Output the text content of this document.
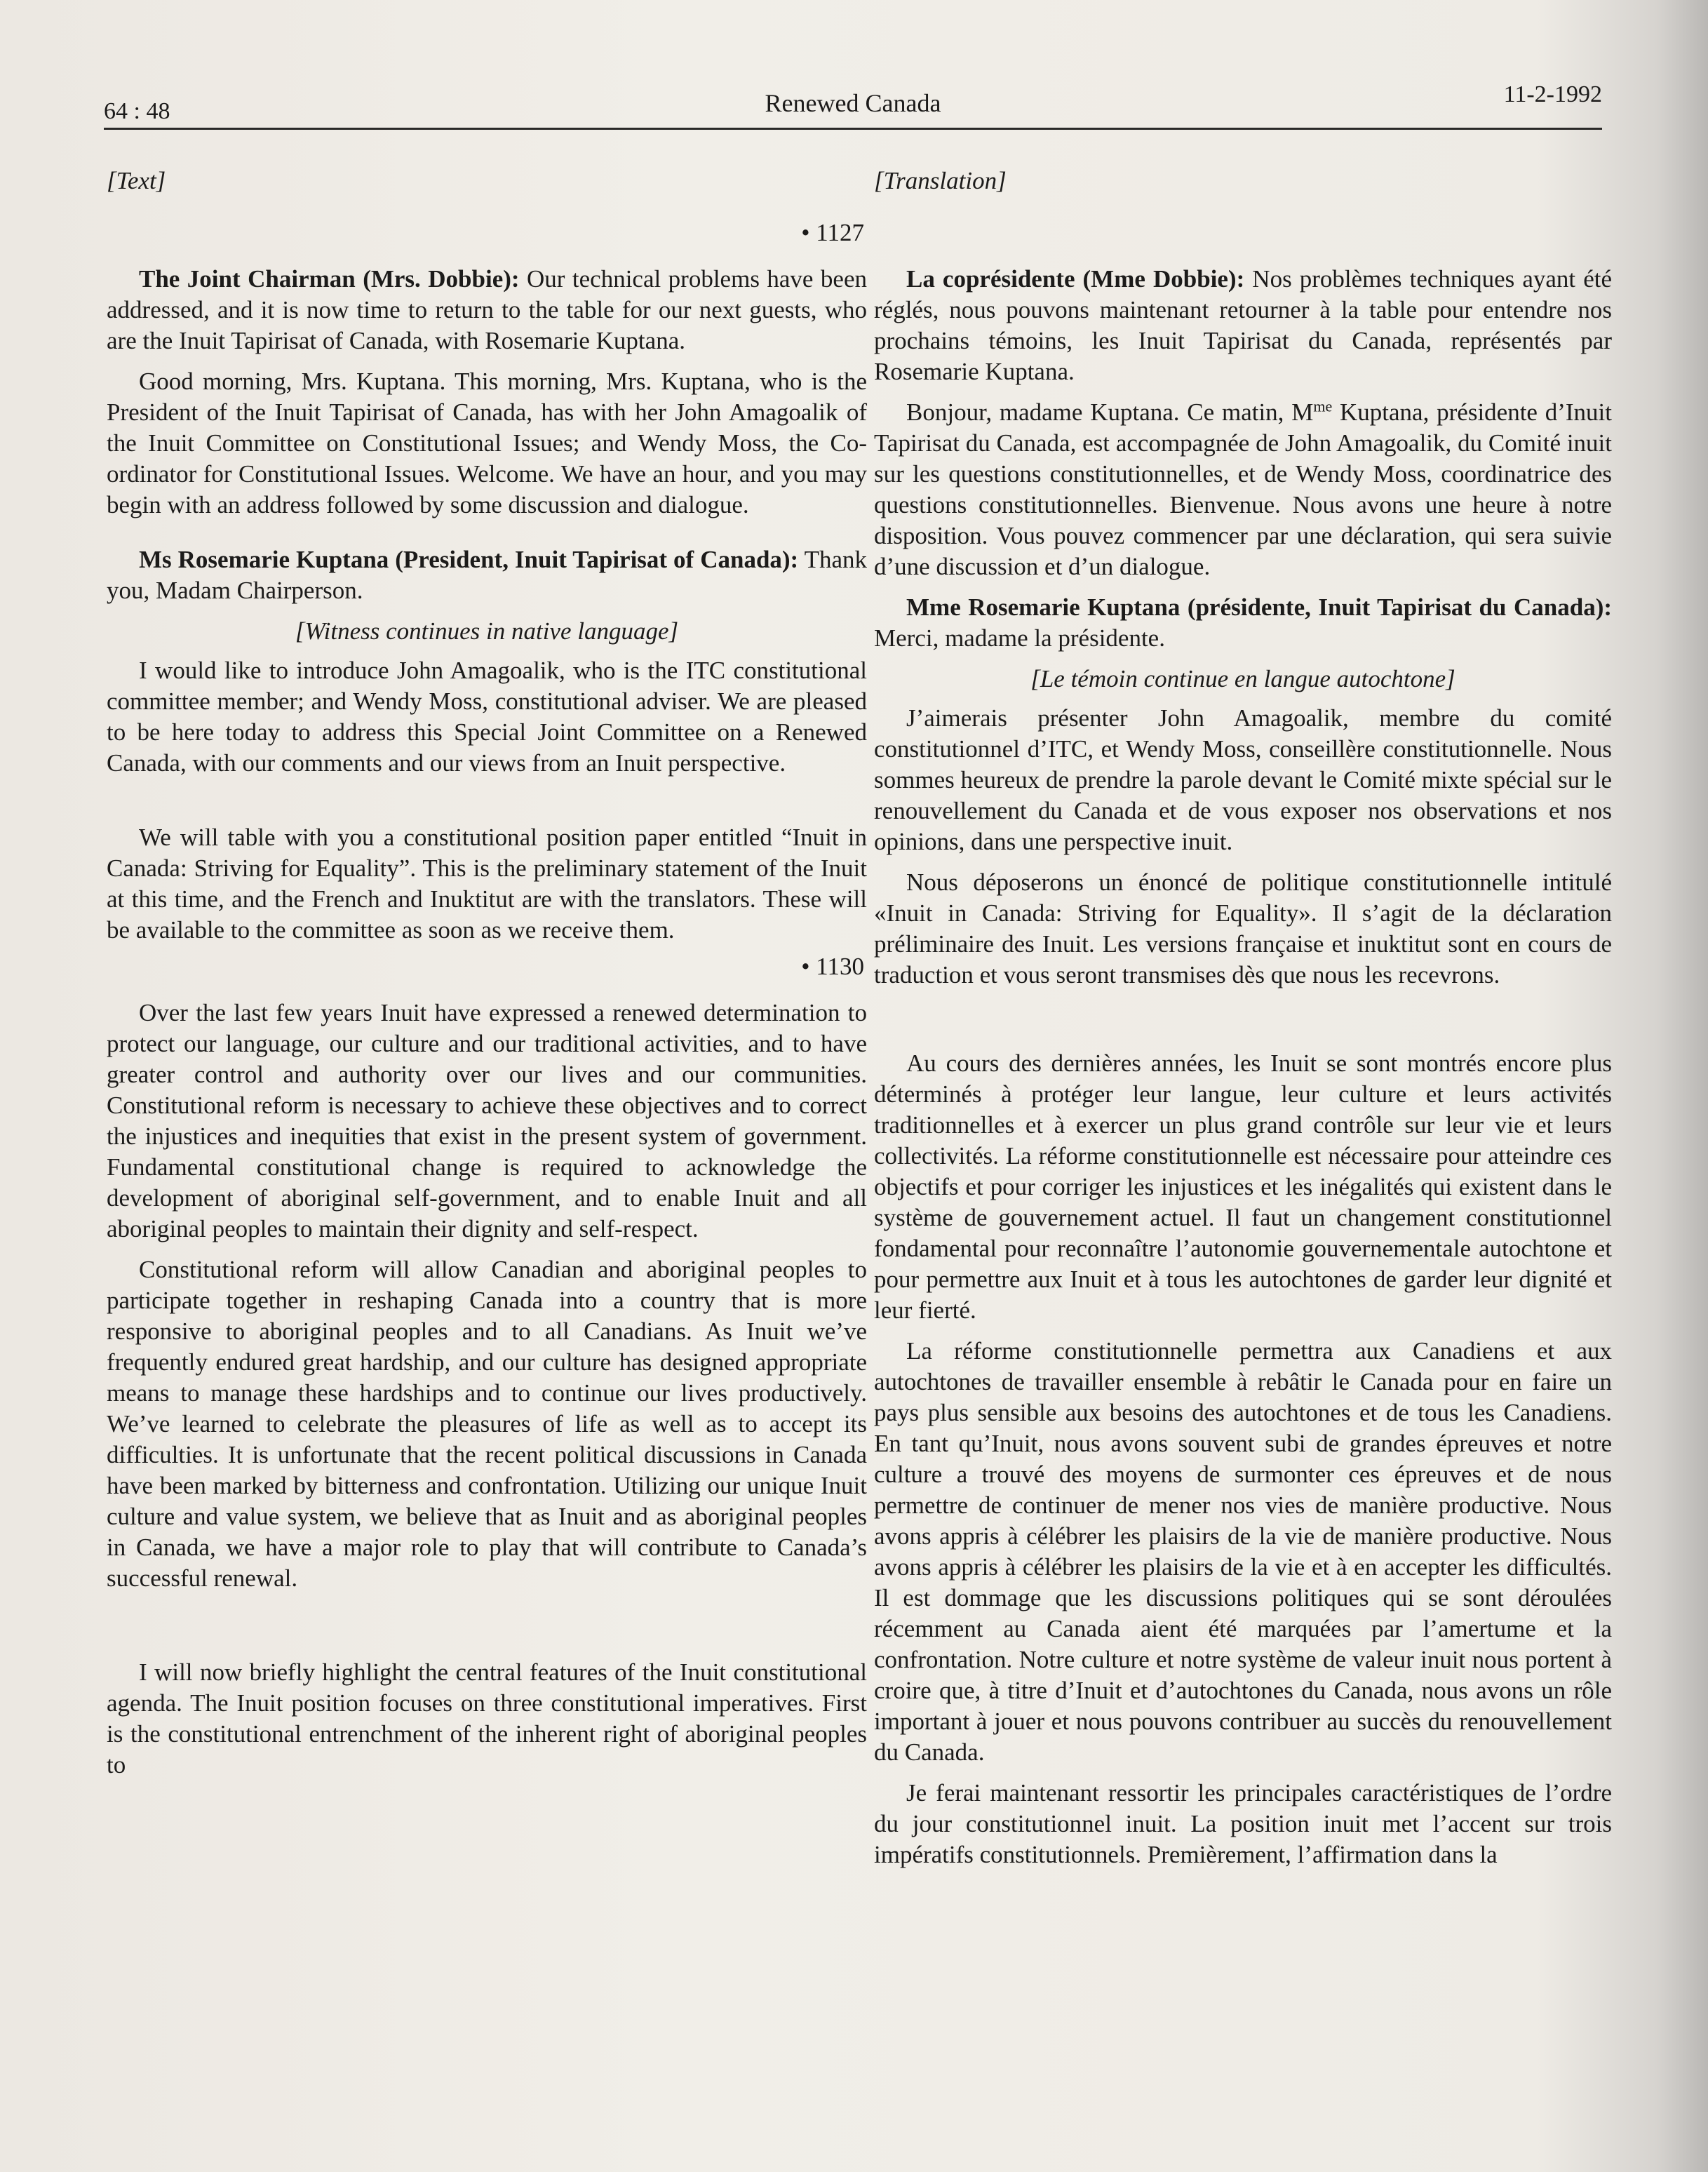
64 : 48	Renewed Canada	11-2-1992
[Text]
• 1127

The Joint Chairman (Mrs. Dobbie): Our technical problems have been addressed, and it is now time to return to the table for our next guests, who are the Inuit Tapirisat of Canada, with Rosemarie Kuptana.

Good morning, Mrs. Kuptana. This morning, Mrs. Kuptana, who is the President of the Inuit Tapirisat of Canada, has with her John Amagoalik of the Inuit Committee on Constitutional Issues; and Wendy Moss, the Co-ordinator for Constitutional Issues. Welcome. We have an hour, and you may begin with an address followed by some discussion and dialogue.

Ms Rosemarie Kuptana (President, Inuit Tapirisat of Canada): Thank you, Madam Chairperson.

[Witness continues in native language]

I would like to introduce John Amagoalik, who is the ITC constitutional committee member; and Wendy Moss, constitutional adviser. We are pleased to be here today to address this Special Joint Committee on a Renewed Canada, with our comments and our views from an Inuit perspective.

We will table with you a constitutional position paper entitled “Inuit in Canada: Striving for Equality”. This is the preliminary statement of the Inuit at this time, and the French and Inuktitut are with the translators. These will be available to the committee as soon as we receive them.

• 1130

Over the last few years Inuit have expressed a renewed determination to protect our language, our culture and our traditional activities, and to have greater control and authority over our lives and our communities. Constitutional reform is necessary to achieve these objectives and to correct the injustices and inequities that exist in the present system of government. Fundamental constitutional change is required to acknowledge the development of aboriginal self-government, and to enable Inuit and all aboriginal peoples to maintain their dignity and self-respect.

Constitutional reform will allow Canadian and aboriginal peoples to participate together in reshaping Canada into a country that is more responsive to aboriginal peoples and to all Canadians. As Inuit we’ve frequently endured great hardship, and our culture has designed appropriate means to manage these hardships and to continue our lives productively. We’ve learned to celebrate the pleasures of life as well as to accept its difficulties. It is unfortunate that the recent political discussions in Canada have been marked by bitterness and confrontation. Utilizing our unique Inuit culture and value system, we believe that as Inuit and as aboriginal peoples in Canada, we have a major role to play that will contribute to Canada’s successful renewal.

I will now briefly highlight the central features of the Inuit constitutional agenda. The Inuit position focuses on three constitutional imperatives. First is the constitutional entrenchment of the inherent right of aboriginal peoples to

[Translation]

La coprésidente (Mme Dobbie): Nos problèmes techniques ayant été réglés, nous pouvons maintenant retourner à la table pour entendre nos prochains témoins, les Inuit Tapirisat du Canada, représentés par Rosemarie Kuptana.

Bonjour, madame Kuptana. Ce matin, $M^{me}$ Kuptana, présidente d’Inuit Tapirisat du Canada, est accompagnée de John Amagoalik, du Comité inuit sur les questions constitutionnelles, et de Wendy Moss, coordinatrice des questions constitutionnelles. Bienvenue. Nous avons une heure à notre disposition. Vous pouvez commencer par une déclaration, qui sera suivie d’une discussion et d’un dialogue.

Mme Rosemarie Kuptana (présidente, Inuit Tapirisat du Canada): Merci, madame la présidente.

[Le témoin continue en langue autochtone]

J’aimerais présenter John Amagoalik, membre du comité constitutionnel d’ITC, et Wendy Moss, conseillère constitutionnelle. Nous sommes heureux de prendre la parole devant le Comité mixte spécial sur le renouvellement du Canada et de vous exposer nos observations et nos opinions, dans une perspective inuit.

Nous déposerons un énoncé de politique constitutionnelle intitulé «Inuit in Canada: Striving for Equality». Il s’agit de la déclaration préliminaire des Inuit. Les versions française et inuktitut sont en cours de traduction et vous seront transmises dès que nous les recevrons.

Au cours des dernières années, les Inuit se sont montrés encore plus déterminés à protéger leur langue, leur culture et leurs activités traditionnelles et à exercer un plus grand contrôle sur leur vie et leurs collectivités. La réforme constitutionnelle est nécessaire pour atteindre ces objectifs et pour corriger les injustices et les inégalités qui existent dans le système de gouvernement actuel. Il faut un changement constitutionnel fondamental pour reconnaître l’autonomie gouvernementale autochtone et pour permettre aux Inuit et à tous les autochtones de garder leur dignité et leur fierté.

La réforme constitutionnelle permettra aux Canadiens et aux autochtones de travailler ensemble à rebâtir le Canada pour en faire un pays plus sensible aux besoins des autochtones et de tous les Canadiens. En tant qu’Inuit, nous avons souvent subi de grandes épreuves et notre culture a trouvé des moyens de surmonter ces épreuves et de nous permettre de continuer de mener nos vies de manière productive. Nous avons appris à célébrer les plaisirs de la vie de manière productive. Nous avons appris à célébrer les plaisirs de la vie et à en accepter les difficultés. Il est dommage que les discussions politiques qui se sont déroulées récemment au Canada aient été marquées par l’amertume et la confrontation. Notre culture et notre système de valeur inuit nous portent à croire que, à titre d’Inuit et d’autochtones du Canada, nous avons un rôle important à jouer et nous pouvons contribuer au succès du renouvellement du Canada.

Je ferai maintenant ressortir les principales caractéristiques de l’ordre du jour constitutionnel inuit. La position inuit met l’accent sur trois impératifs constitutionnels. Premièrement, l’affirmation dans la
